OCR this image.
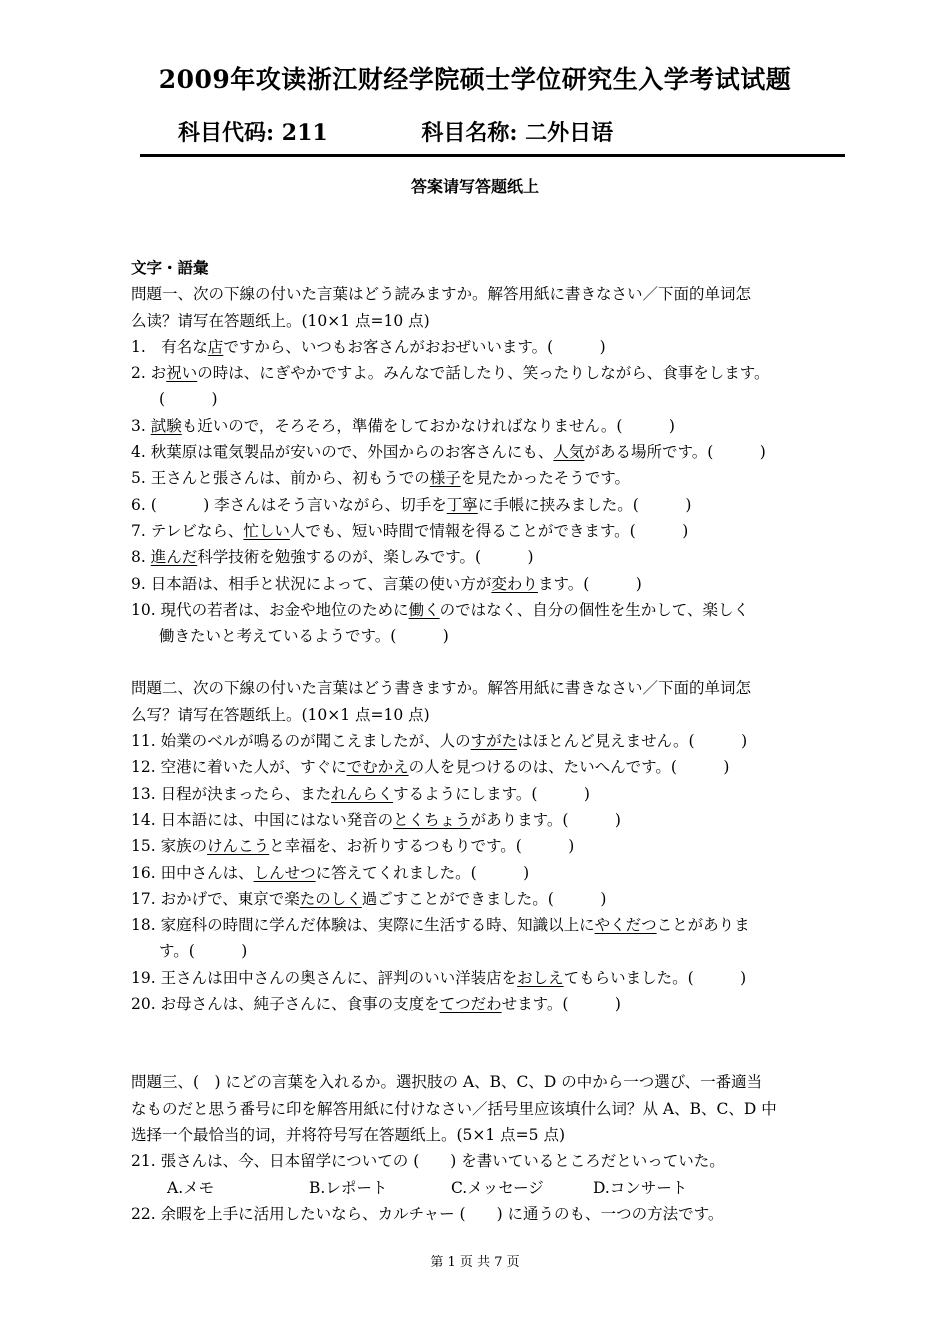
2009年攻读浙江财经学院硕士学位研究生入学考试试题
科目代码: 211	科目名称: 二外日语
答案请写答题纸上
文字・語彙
問題一、次の下線の付いた言葉はどう読みますか。解答用紙に書きなさい／下面的单词怎
么读？请写在答题纸上。(10×1 点=10 点)
1.　有名な店ですから、いつもお客さんがおおぜいいます。(　　　)
2. お祝いの時は、にぎやかですよ。みんなで話したり、笑ったりしながら、食事をします。
(　　　)
3. 試験も近いので，そろそろ，準備をしておかなければなりません。(　　　)
4. 秋葉原は電気製品が安いので、外国からのお客さんにも、人気がある場所です。(　　　)
5. 王さんと張さんは、前から、初もうでの様子を見たかったそうです。
6. (　　　) 李さんはそう言いながら、切手を丁寧に手帳に挟みました。(　　　)
7. テレビなら、忙しい人でも、短い時間で情報を得ることができます。(　　　)
8. 進んだ科学技術を勉強するのが、楽しみです。(　　　)
9. 日本語は、相手と状況によって、言葉の使い方が変わります。(　　　)
10. 現代の若者は、お金や地位のために働くのではなく、自分の個性を生かして、楽しく
働きたいと考えているようです。(　　　)
問題二、次の下線の付いた言葉はどう書きますか。解答用紙に書きなさい／下面的单词怎
么写？请写在答题纸上。(10×1 点=10 点)
11. 始業のベルが鳴るのが聞こえましたが、人のすがたはほとんど見えません。(　　　)
12. 空港に着いた人が、すぐにでむかえの人を見つけるのは、たいへんです。(　　　)
13. 日程が決まったら、またれんらくするようにします。(　　　)
14. 日本語には、中国にはない発音のとくちょうがあります。(　　　)
15. 家族のけんこうと幸福を、お祈りするつもりです。(　　　)
16. 田中さんは、しんせつに答えてくれました。(　　　)
17. おかげで、東京で楽たのしく過ごすことができました。(　　　)
18. 家庭科の時間に学んだ体験は、実際に生活する時、知識以上にやくだつことがありま
す。(　　　)
19. 王さんは田中さんの奥さんに、評判のいい洋装店をおしえてもらいました。(　　　)
20. お母さんは、純子さんに、食事の支度をてつだわせます。(　　　)
問題三、(　) にどの言葉を入れるか。選択肢の A、B、C、D の中から一つ選び、一番適当
なものだと思う番号に印を解答用紙に付けなさい／括号里应该填什么词？从 A、B、C、D 中
选择一个最恰当的词，并将符号写在答题纸上。(5×1 点=5 点)
21. 張さんは、今、日本留学についての (　　) を書いているところだといっていた。
A.メモ	B.レポート	C.メッセージ	D.コンサート
22. 余暇を上手に活用したいなら、カルチャー (　　) に通うのも、一つの方法です。
第 1 页 共 7 页
